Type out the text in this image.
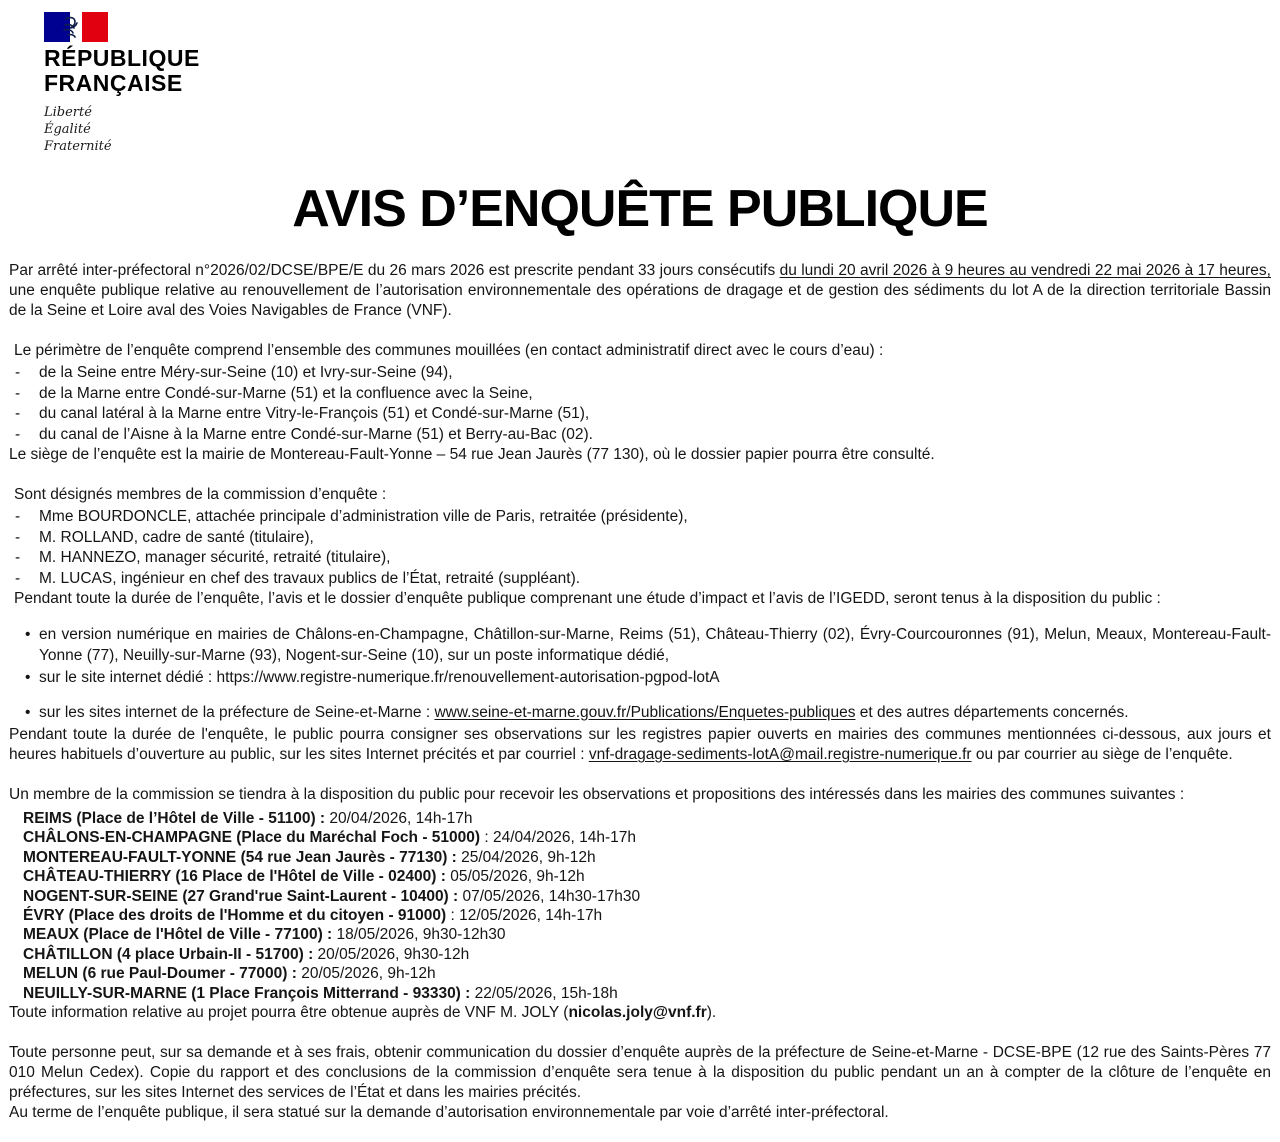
RÉPUBLIQUE
FRANÇAISE
Liberté
Égalité
Fraternité
AVIS D’ENQUÊTE PUBLIQUE

Par arrêté inter-préfectoral n°2026/02/DCSE/BPE/E du 26 mars 2026 est prescrite pendant 33 jours consécutifs du lundi 20 avril 2026 à 9 heures au vendredi 22 mai 2026 à 17 heures, une enquête publique relative au renouvellement de l’autorisation environnementale des opérations de dragage et de gestion des sédiments du lot A de la direction territoriale Bassin de la Seine et Loire aval des Voies Navigables de France (VNF).

Le périmètre de l’enquête comprend l’ensemble des communes mouillées (en contact administratif direct avec le cours d’eau) :

-	de la Seine entre Méry-sur-Seine (10) et Ivry-sur-Seine (94),
-	de la Marne entre Condé-sur-Marne (51) et la confluence avec la Seine,
-	du canal latéral à la Marne entre Vitry-le-François (51) et Condé-sur-Marne (51),
-	du canal de l’Aisne à la Marne entre Condé-sur-Marne (51) et Berry-au-Bac (02).

Le siège de l’enquête est la mairie de Montereau-Fault-Yonne – 54 rue Jean Jaurès (77 130), où le dossier papier pourra être consulté.

Sont désignés membres de la commission d’enquête :

-	Mme BOURDONCLE, attachée principale d’administration ville de Paris, retraitée (présidente),
-	M. ROLLAND, cadre de santé (titulaire),
-	M. HANNEZO, manager sécurité, retraité (titulaire),
-	M. LUCAS, ingénieur en chef des travaux publics de l’État, retraité (suppléant).

Pendant toute la durée de l’enquête, l’avis et le dossier d’enquête publique comprenant une étude d’impact et l’avis de l’IGEDD, seront tenus à la disposition du public :

• en version numérique en mairies de Châlons-en-Champagne, Châtillon-sur-Marne, Reims (51), Château-Thierry (02), Évry-Courcouronnes (91), Melun, Meaux, Montereau-Fault-Yonne (77), Neuilly-sur-Marne (93), Nogent-sur-Seine (10), sur un poste informatique dédié,
• sur le site internet dédié : https://www.registre-numerique.fr/renouvellement-autorisation-pgpod-lotA
• sur les sites internet de la préfecture de Seine-et-Marne : www.seine-et-marne.gouv.fr/Publications/Enquetes-publiques et des autres départements concernés.

Pendant toute la durée de l'enquête, le public pourra consigner ses observations sur les registres papier ouverts en mairies des communes mentionnées ci-dessous, aux jours et heures habituels d’ouverture au public, sur les sites Internet précités et par courriel : vnf-dragage-sediments-lotA@mail.registre-numerique.fr ou par courrier au siège de l’enquête.

Un membre de la commission se tiendra à la disposition du public pour recevoir les observations et propositions des intéressés dans les mairies des communes suivantes :

REIMS (Place de l’Hôtel de Ville - 51100) : 20/04/2026, 14h-17h
CHÂLONS-EN-CHAMPAGNE (Place du Maréchal Foch - 51000) : 24/04/2026, 14h-17h
MONTEREAU-FAULT-YONNE (54 rue Jean Jaurès - 77130) : 25/04/2026, 9h-12h
CHÂTEAU-THIERRY (16 Place de l'Hôtel de Ville - 02400) : 05/05/2026, 9h-12h
NOGENT-SUR-SEINE (27 Grand'rue Saint-Laurent - 10400) : 07/05/2026, 14h30-17h30
ÉVRY (Place des droits de l'Homme et du citoyen - 91000) : 12/05/2026, 14h-17h
MEAUX (Place de l'Hôtel de Ville - 77100) : 18/05/2026, 9h30-12h30
CHÂTILLON (4 place Urbain-II - 51700) : 20/05/2026, 9h30-12h
MELUN (6 rue Paul-Doumer - 77000) : 20/05/2026, 9h-12h
NEUILLY-SUR-MARNE (1 Place François Mitterrand - 93330) : 22/05/2026, 15h-18h

Toute information relative au projet pourra être obtenue auprès de VNF M. JOLY (nicolas.joly@vnf.fr).

Toute personne peut, sur sa demande et à ses frais, obtenir communication du dossier d’enquête auprès de la préfecture de Seine-et-Marne - DCSE-BPE (12 rue des Saints-Pères 77 010 Melun Cedex). Copie du rapport et des conclusions de la commission d’enquête sera tenue à la disposition du public pendant un an à compter de la clôture de l’enquête en préfectures, sur les sites Internet des services de l’État et dans les mairies précités.

Au terme de l’enquête publique, il sera statué sur la demande d’autorisation environnementale par voie d’arrêté inter-préfectoral.
